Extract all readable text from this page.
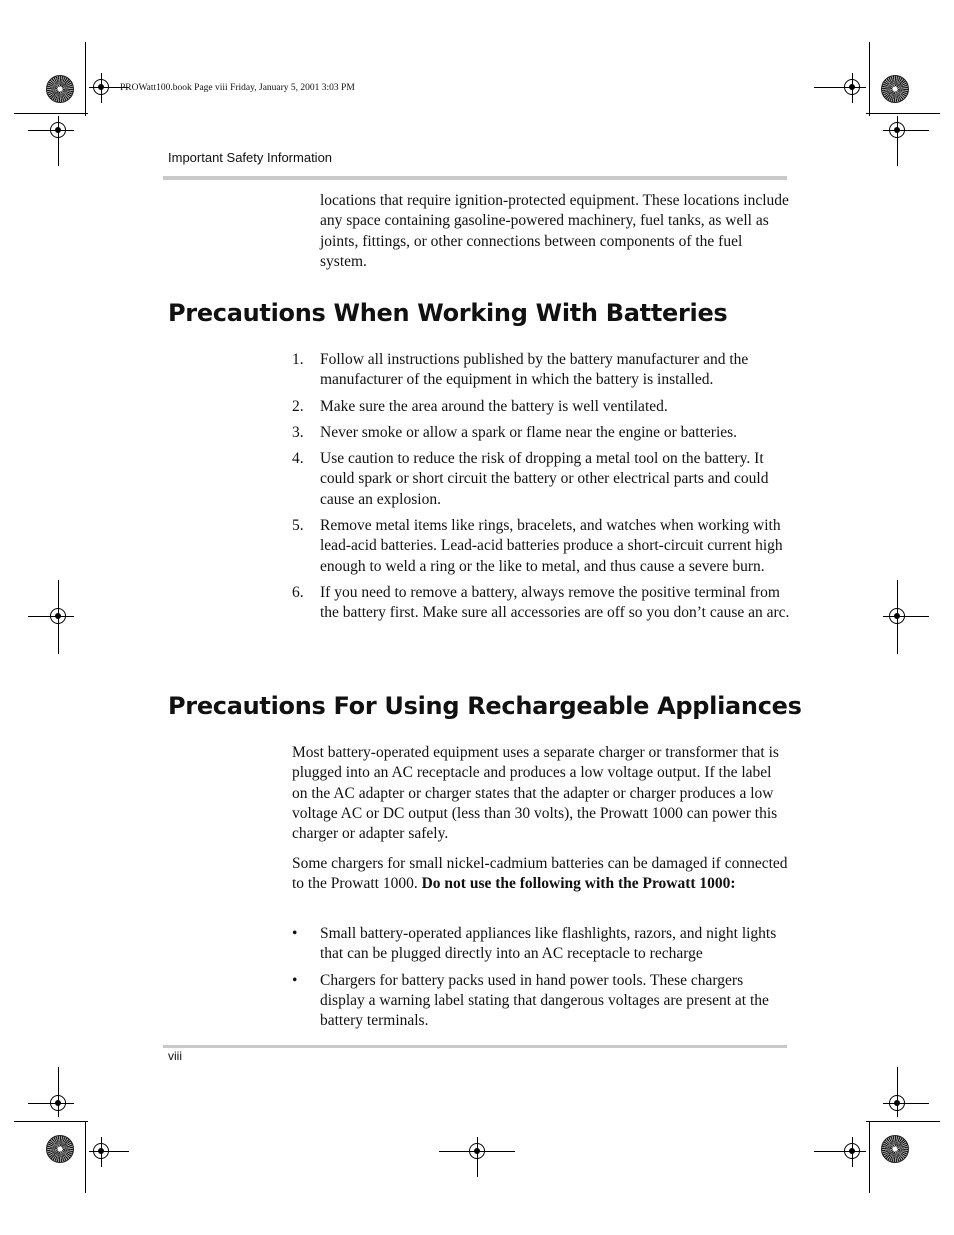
PROWatt100.book Page viii Friday, January 5, 2001 3:03 PM
Important Safety Information

locations that require ignition-protected equipment. These locations include any space containing gasoline-powered machinery, fuel tanks, as well as joints, fittings, or other connections between components of the fuel system.

Precautions When Working With Batteries
1. Follow all instructions published by the battery manufacturer and the manufacturer of the equipment in which the battery is installed.
2. Make sure the area around the battery is well ventilated.
3. Never smoke or allow a spark or flame near the engine or batteries.
4. Use caution to reduce the risk of dropping a metal tool on the battery. It could spark or short circuit the battery or other electrical parts and could cause an explosion.
5. Remove metal items like rings, bracelets, and watches when working with lead-acid batteries. Lead-acid batteries produce a short-circuit current high enough to weld a ring or the like to metal, and thus cause a severe burn.
6. If you need to remove a battery, always remove the positive terminal from the battery first. Make sure all accessories are off so you don’t cause an arc.
Precautions For Using Rechargeable Appliances

Most battery-operated equipment uses a separate charger or transformer that is plugged into an AC receptacle and produces a low voltage output. If the label on the AC adapter or charger states that the adapter or charger produces a low voltage AC or DC output (less than 30 volts), the Prowatt 1000 can power this charger or adapter safely.

Some chargers for small nickel-cadmium batteries can be damaged if connected to the Prowatt 1000. Do not use the following with the Prowatt 1000:

• Small battery-operated appliances like flashlights, razors, and night lights that can be plugged directly into an AC receptacle to recharge
• Chargers for battery packs used in hand power tools. These chargers display a warning label stating that dangerous voltages are present at the battery terminals.
viii
